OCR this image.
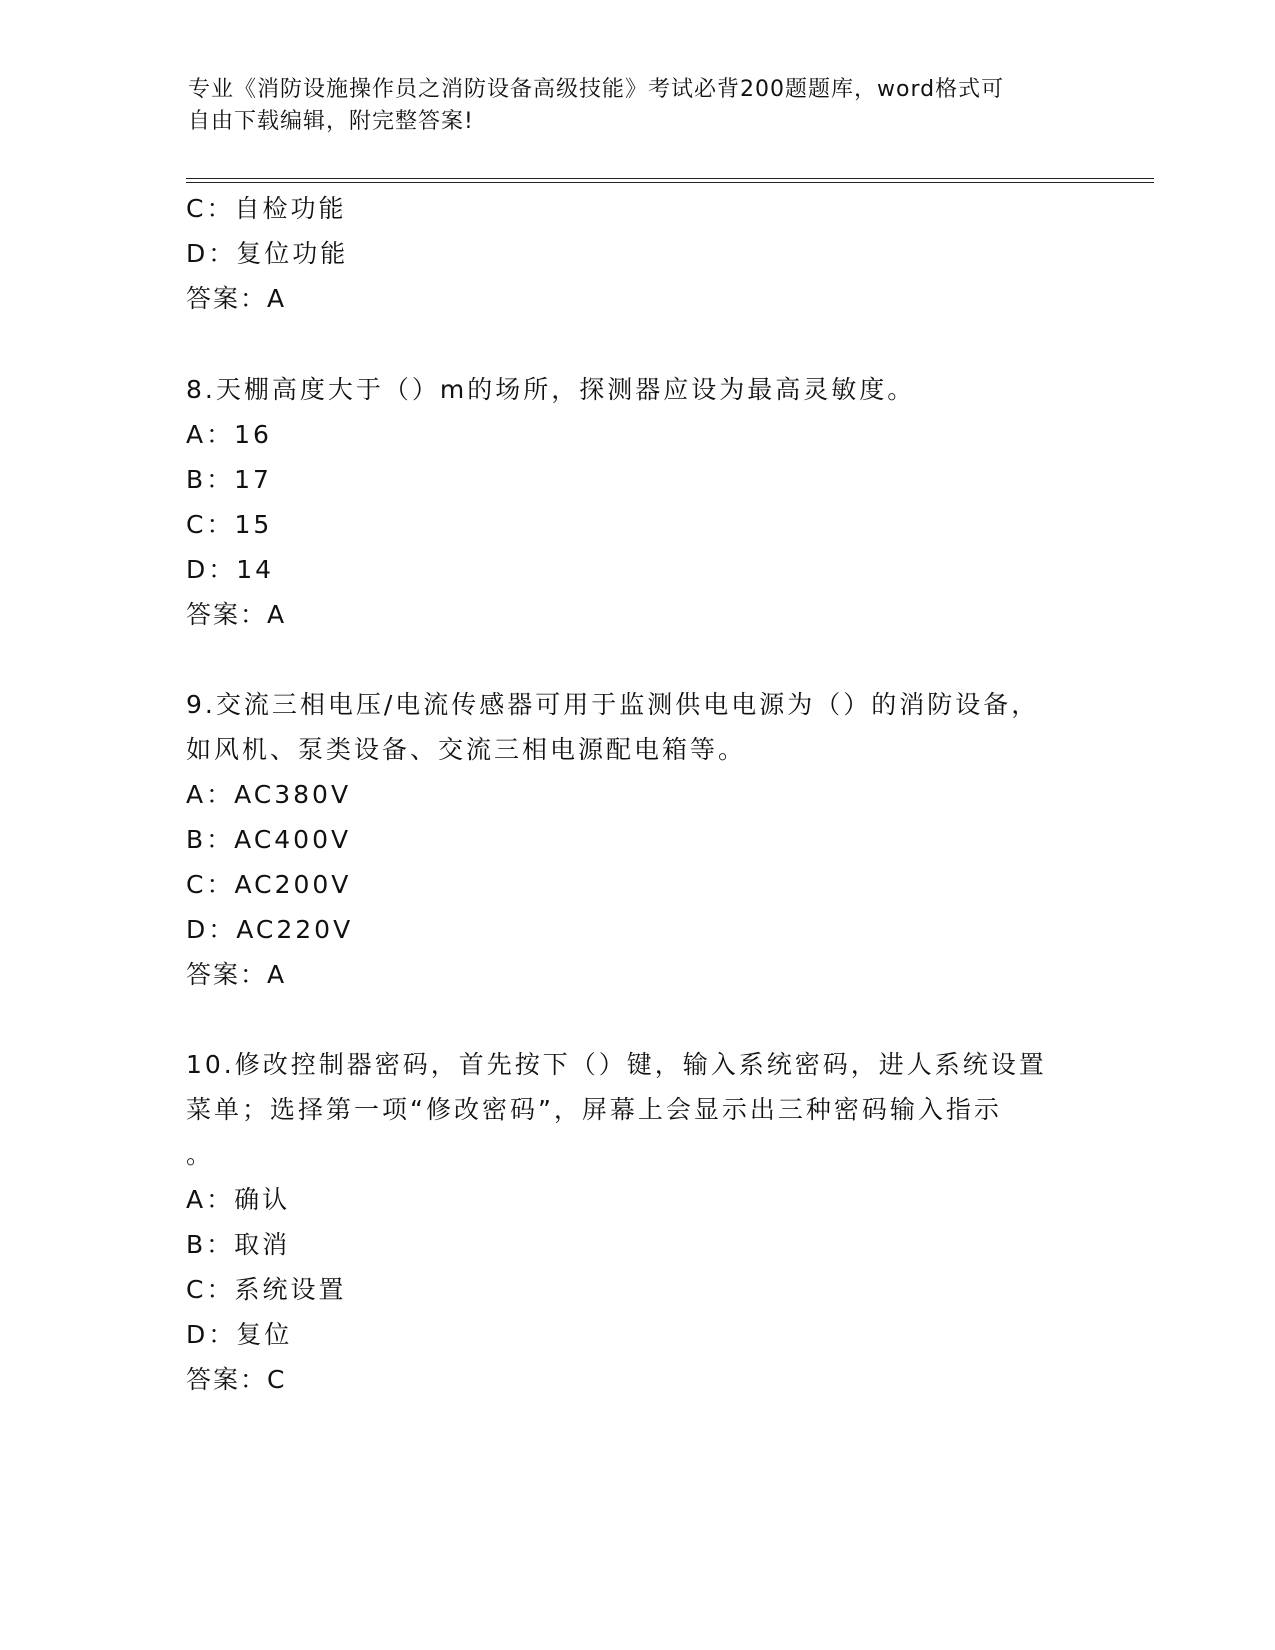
专业《消防设施操作员之消防设备高级技能》考试必背200题题库，word格式可
自由下载编辑，附完整答案!
C：自检功能
D：复位功能
答案：A
8.天棚高度大于（）m的场所，探测器应设为最高灵敏度。
A：16
B：17
C：15
D：14
答案：A
9.交流三相电压/电流传感器可用于监测供电电源为（）的消防设备，
如风机、泵类设备、交流三相电源配电箱等。
A：AC380V
B：AC400V
C：AC200V
D：AC220V
答案：A
10.修改控制器密码，首先按下（）键，输入系统密码，进人系统设置
菜单；选择第一项“修改密码”，屏幕上会显示出三种密码输入指示
。
A：确认
B：取消
C：系统设置
D：复位
答案：C
